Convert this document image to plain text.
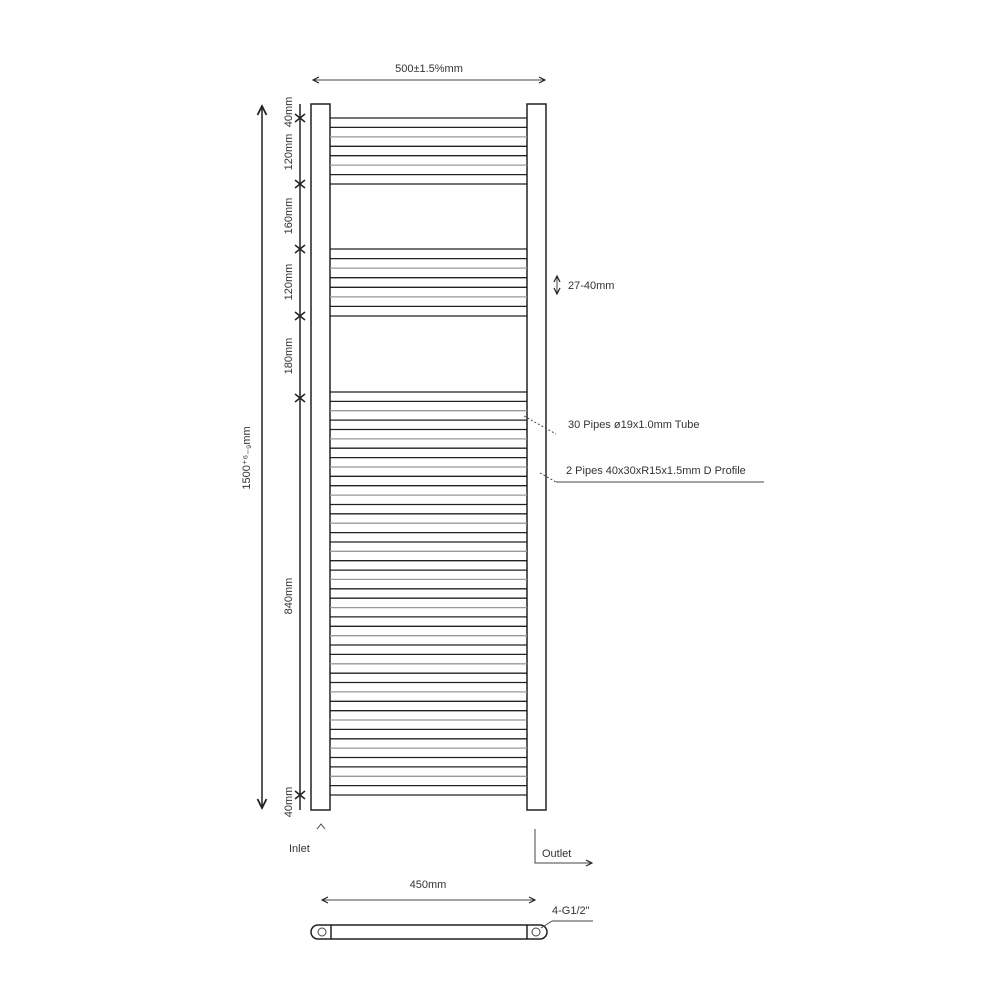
500±1.5%mm
1500⁺⁶₋₉mm
40mm
120mm
160mm
120mm
180mm
840mm
40mm
27-40mm
30 Pipes ø19x1.0mm Tube
2 Pipes 40x30xR15x1.5mm D Profile
Inlet	Outlet
450mm
4-G1/2"
